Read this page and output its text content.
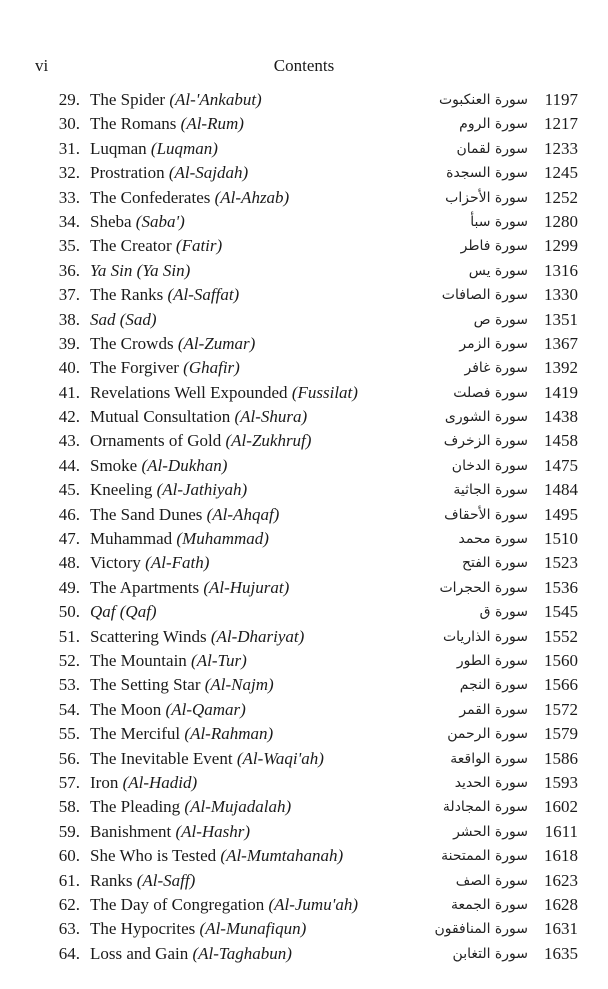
vi	Contents
29. The Spider (Al-'Ankabut)	سورة العنكبوت 1197
30. The Romans (Al-Rum)	سورة الروم 1217
31. Luqman (Luqman)	سورة لقمان 1233
32. Prostration (Al-Sajdah)	سورة السجدة 1245
33. The Confederates (Al-Ahzab)	سورة الأحزاب 1252
34. Sheba (Saba')	سورة سبأ 1280
35. The Creator (Fatir)	سورة فاطر 1299
36. Ya Sin (Ya Sin)	سورة يس 1316
37. The Ranks (Al-Saffat)	سورة الصافات 1330
38. Sad (Sad)	سورة ص 1351
39. The Crowds (Al-Zumar)	سورة الزمر 1367
40. The Forgiver (Ghafir)	سورة غافر 1392
41. Revelations Well Expounded (Fussilat)	سورة فصلت 1419
42. Mutual Consultation (Al-Shura)	سورة الشورى 1438
43. Ornaments of Gold (Al-Zukhruf)	سورة الزخرف 1458
44. Smoke (Al-Dukhan)	سورة الدخان 1475
45. Kneeling (Al-Jathiyah)	سورة الجاثية 1484
46. The Sand Dunes (Al-Ahqaf)	سورة الأحقاف 1495
47. Muhammad (Muhammad)	سورة محمد 1510
48. Victory (Al-Fath)	سورة الفتح 1523
49. The Apartments (Al-Hujurat)	سورة الحجرات 1536
50. Qaf (Qaf)	سورة ق 1545
51. Scattering Winds (Al-Dhariyat)	سورة الذاريات 1552
52. The Mountain (Al-Tur)	سورة الطور 1560
53. The Setting Star (Al-Najm)	سورة النجم 1566
54. The Moon (Al-Qamar)	سورة القمر 1572
55. The Merciful (Al-Rahman)	سورة الرحمن 1579
56. The Inevitable Event (Al-Waqi'ah)	سورة الواقعة 1586
57. Iron (Al-Hadid)	سورة الحديد 1593
58. The Pleading (Al-Mujadalah)	سورة المجادلة 1602
59. Banishment (Al-Hashr)	سورة الحشر 1611
60. She Who is Tested (Al-Mumtahanah)	سورة الممتحنة 1618
61. Ranks (Al-Saff)	سورة الصف 1623
62. The Day of Congregation (Al-Jumu'ah)	سورة الجمعة 1628
63. The Hypocrites (Al-Munafiqun)	سورة المنافقون 1631
64. Loss and Gain (Al-Taghabun)	سورة التغابن 1635
